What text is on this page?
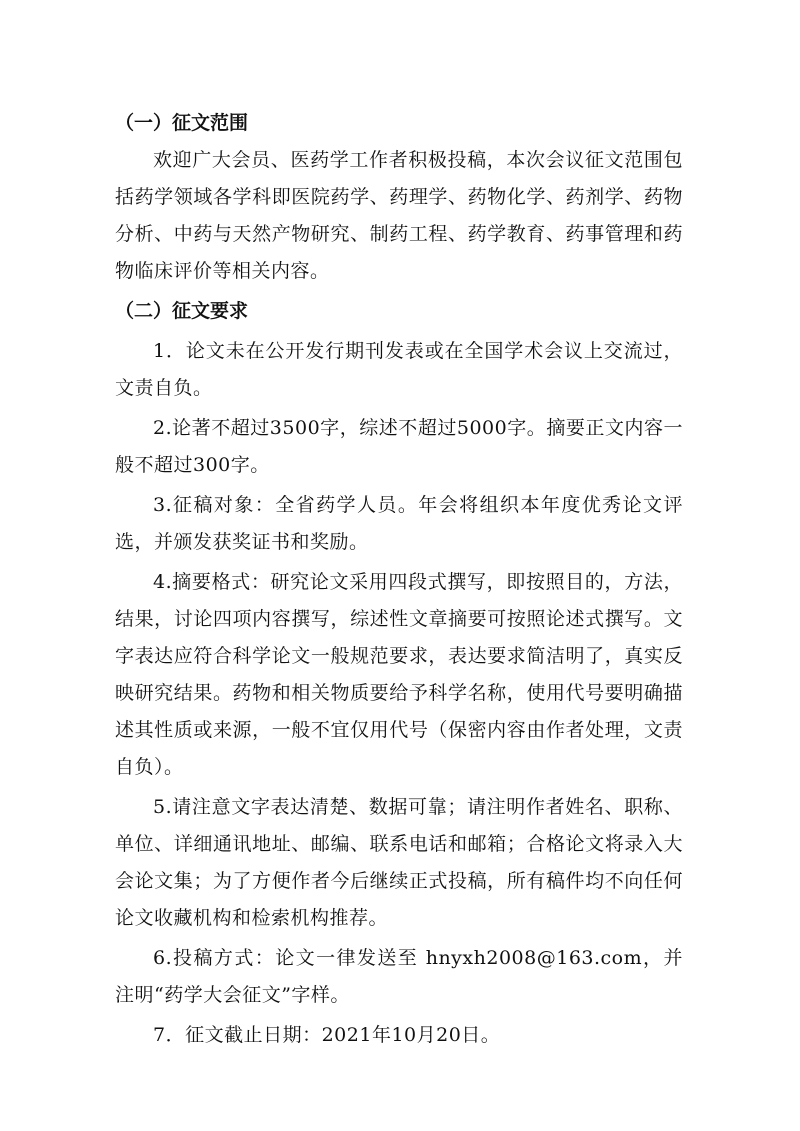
（一）征文范围

欢迎广大会员、医药学工作者积极投稿，本次会议征文范围包括药学领域各学科即医院药学、药理学、药物化学、药剂学、药物分析、中药与天然产物研究、制药工程、药学教育、药事管理和药物临床评价等相关内容。

（二）征文要求

1．论文未在公开发行期刊发表或在全国学术会议上交流过，文责自负。

2.论著不超过3500字，综述不超过5000字。摘要正文内容一般不超过300字。

3.征稿对象：全省药学人员。年会将组织本年度优秀论文评选，并颁发获奖证书和奖励。

4.摘要格式：研究论文采用四段式撰写，即按照目的，方法，结果，讨论四项内容撰写，综述性文章摘要可按照论述式撰写。文字表达应符合科学论文一般规范要求，表达要求简洁明了，真实反映研究结果。药物和相关物质要给予科学名称，使用代号要明确描述其性质或来源，一般不宜仅用代号（保密内容由作者处理，文责自负）。

5.请注意文字表达清楚、数据可靠；请注明作者姓名、职称、单位、详细通讯地址、邮编、联系电话和邮箱；合格论文将录入大会论文集；为了方便作者今后继续正式投稿，所有稿件均不向任何论文收藏机构和检索机构推荐。

6.投稿方式：论文一律发送至 hnyxh2008@163.com，并注明“药学大会征文”字样。

7．征文截止日期：2021年10月20日。
